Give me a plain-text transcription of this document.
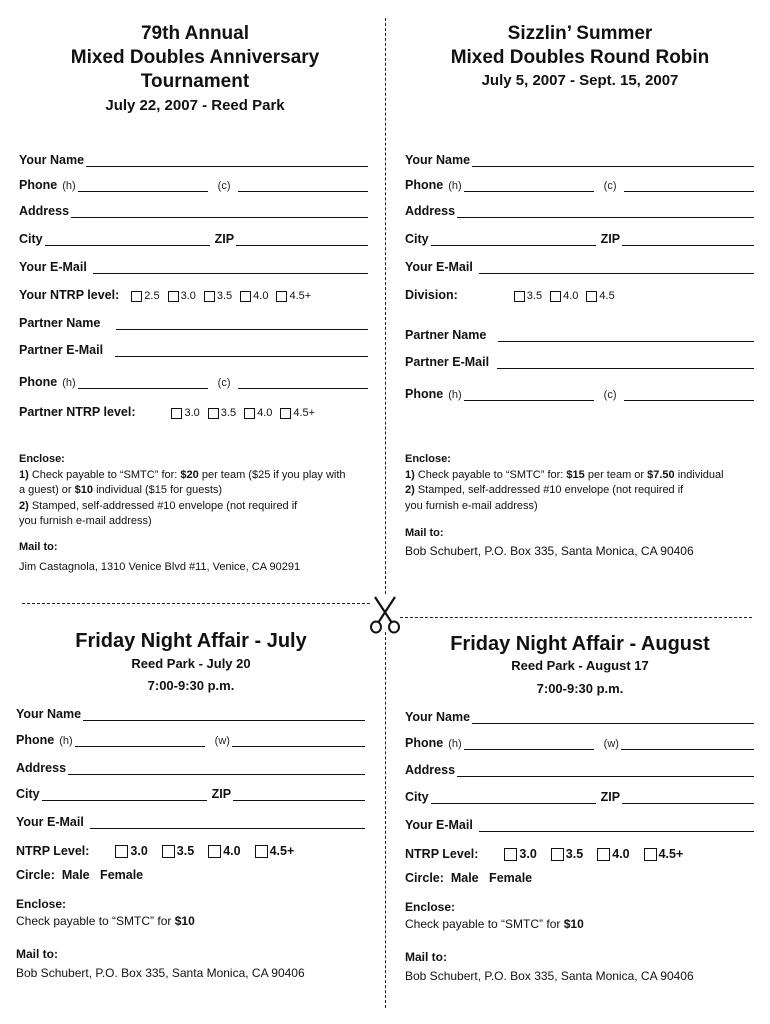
79th Annual
Mixed Doubles Anniversary
Tournament
July 22, 2007 - Reed Park
Your Name
Phone (h)	(c)
Address
City	ZIP
Your E-Mail
Your NTRP level: 2.5 3.0 3.5 4.0 4.5+
Partner Name
Partner E-Mail
Phone (h)	(c)
Partner NTRP level:	3.0 3.5 4.0 4.5+
Enclose:
1) Check payable to “SMTC” for: $20 per team ($25 if you play with
a guest) or $10 individual ($15 for guests)
2) Stamped, self-addressed #10 envelope (not required if
you furnish e-mail address)
Mail to:
Jim Castagnola, 1310 Venice Blvd #11, Venice, CA 90291
Sizzlin’ Summer
Mixed Doubles Round Robin
July 5, 2007 - Sept. 15, 2007
Your Name
Phone (h)	(c)
Address
City	ZIP
Your E-Mail
Division:	3.5 4.0 4.5
Partner Name
Partner E-Mail
Phone (h)	(c)
Enclose:
1) Check payable to “SMTC” for: $15 per team or $7.50 individual
2) Stamped, self-addressed #10 envelope (not required if
you furnish e-mail address)
Mail to:
Bob Schubert, P.O. Box 335, Santa Monica, CA 90406
Friday Night Affair - July
Reed Park - July 20
7:00-9:30 p.m.
Your Name
Phone (h)	(w)
Address
City	ZIP
Your E-Mail
NTRP Level:	3.0 3.5 4.0 4.5+
Circle:  Male   Female
Enclose:
Check payable to “SMTC” for $10
Mail to:
Bob Schubert, P.O. Box 335, Santa Monica, CA 90406
Friday Night Affair - August
Reed Park - August 17
7:00-9:30 p.m.
Your Name
Phone (h)	(w)
Address
City	ZIP
Your E-Mail
NTRP Level:	3.0 3.5 4.0 4.5+
Circle:  Male   Female
Enclose:
Check payable to “SMTC” for $10
Mail to:
Bob Schubert, P.O. Box 335, Santa Monica, CA 90406
